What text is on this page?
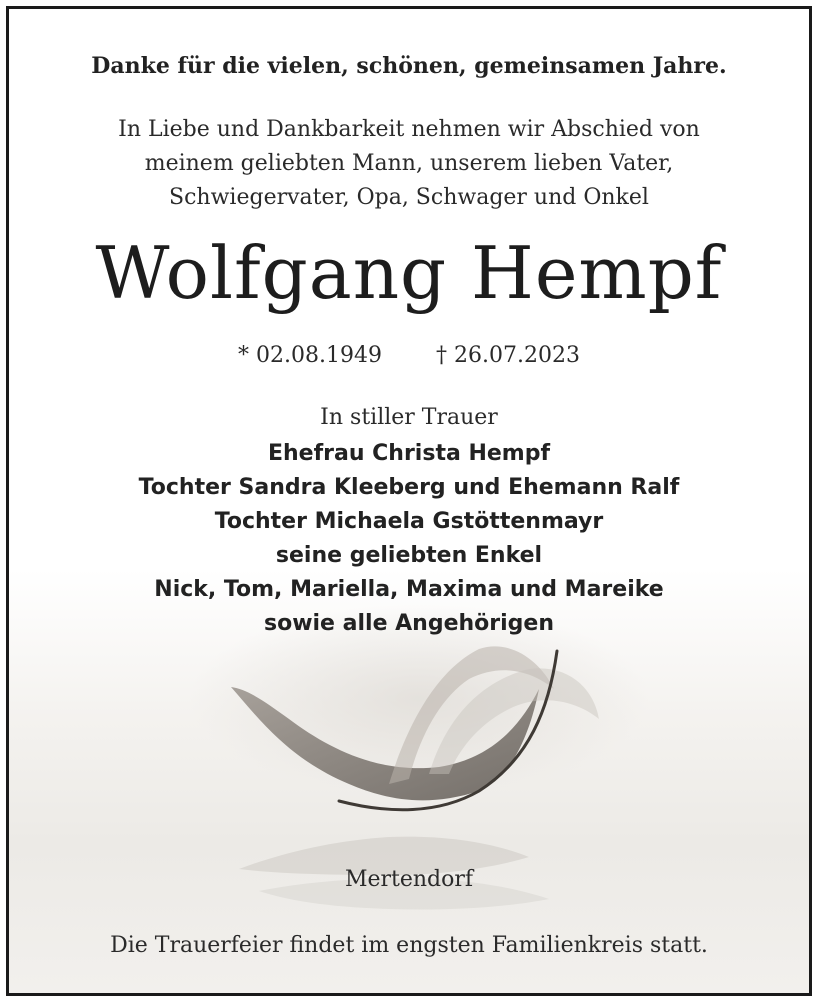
Danke für die vielen, schönen, gemeinsamen Jahre.
In Liebe und Dankbarkeit nehmen wir Abschied von
meinem geliebten Mann, unserem lieben Vater,
Schwiegervater, Opa, Schwager und Onkel
Wolfgang Hempf
* 02.08.1949 † 26.07.2023
In stiller Trauer
Ehefrau Christa Hempf
Tochter Sandra Kleeberg und Ehemann Ralf
Tochter Michaela Gstöttenmayr
seine geliebten Enkel
Nick, Tom, Mariella, Maxima und Mareike
sowie alle Angehörigen
Mertendorf
Die Trauerfeier findet im engsten Familienkreis statt.
